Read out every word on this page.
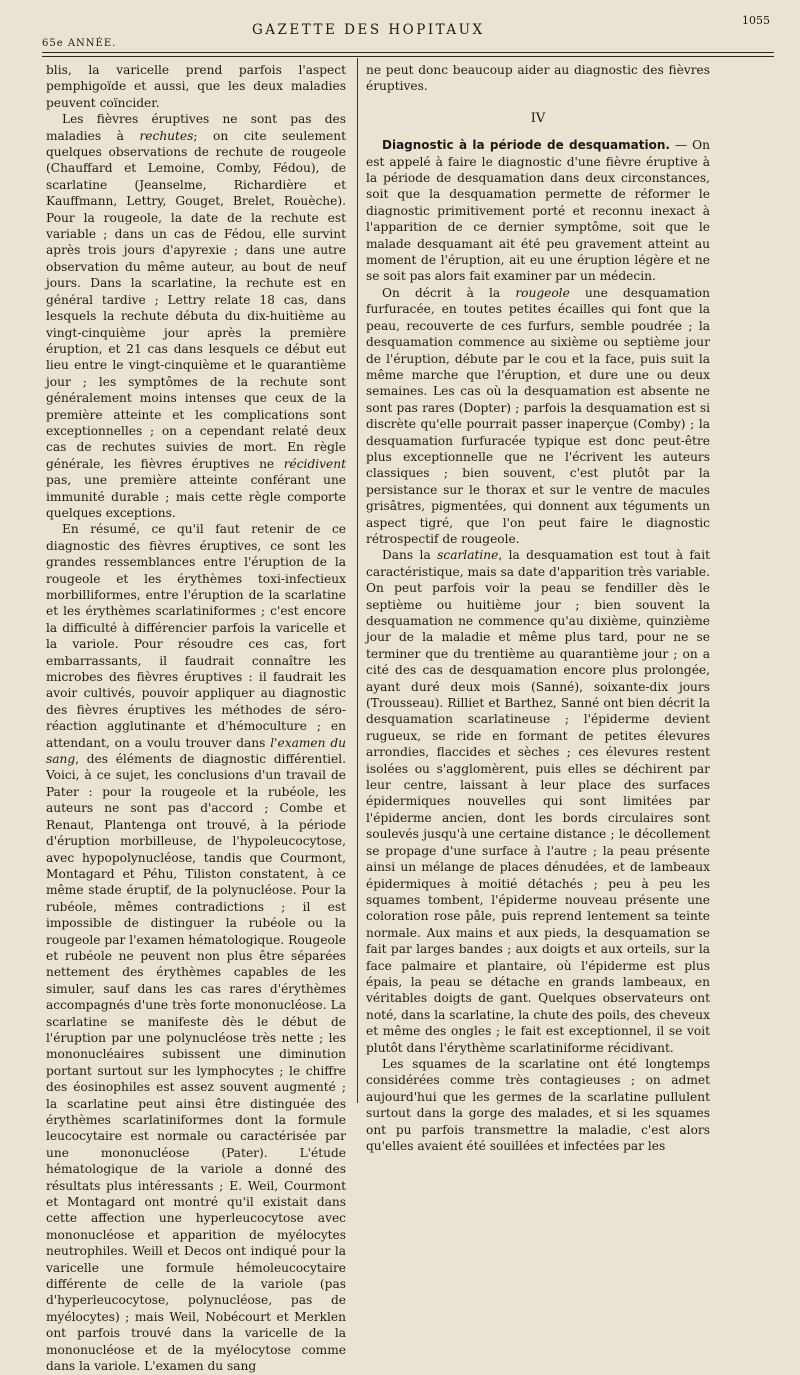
65e ANNÉE.
GAZETTE DES HOPITAUX
1055

blis, la varicelle prend parfois l'aspect pemphigoïde et aussi, que les deux maladies peuvent coïncider.

Les fièvres éruptives ne sont pas des maladies à rechutes; on cite seulement quelques observations de rechute de rougeole (Chauffard et Lemoine, Comby, Fédou), de scarlatine (Jeanselme, Richardière et Kauffmann, Lettry, Gouget, Brelet, Rouèche). Pour la rougeole, la date de la rechute est variable ; dans un cas de Fédou, elle survint après trois jours d'apyrexie ; dans une autre observation du même auteur, au bout de neuf jours. Dans la scarlatine, la rechute est en général tardive ; Lettry relate 18 cas, dans lesquels la rechute débuta du dix-huitième au vingt-cinquième jour après la première éruption, et 21 cas dans lesquels ce début eut lieu entre le vingt-cinquième et le quarantième jour ; les symptômes de la rechute sont généralement moins intenses que ceux de la première atteinte et les complications sont exceptionnelles ; on a cependant relaté deux cas de rechutes suivies de mort. En règle générale, les fièvres éruptives ne récidivent pas, une première atteinte conférant une immunité durable ; mais cette règle comporte quelques exceptions.

En résumé, ce qu'il faut retenir de ce diagnostic des fièvres éruptives, ce sont les grandes ressemblances entre l'éruption de la rougeole et les érythèmes toxi-infectieux morbilliformes, entre l'éruption de la scarlatine et les érythèmes scarlatiniformes ; c'est encore la difficulté à différencier parfois la varicelle et la variole. Pour résoudre ces cas, fort embarrassants, il faudrait connaître les microbes des fièvres éruptives : il faudrait les avoir cultivés, pouvoir appliquer au diagnostic des fièvres éruptives les méthodes de séro-réaction agglutinante et d'hémoculture ; en attendant, on a voulu trouver dans l'examen du sang, des éléments de diagnostic différentiel. Voici, à ce sujet, les conclusions d'un travail de Pater : pour la rougeole et la rubéole, les auteurs ne sont pas d'accord ; Combe et Renaut, Plantenga ont trouvé, à la période d'éruption morbilleuse, de l'hypoleucocytose, avec hypopolynucléose, tandis que Courmont, Montagard et Péhu, Tiliston constatent, à ce même stade éruptif, de la polynucléose. Pour la rubéole, mêmes contradictions ; il est impossible de distinguer la rubéole ou la rougeole par l'examen hématologique. Rougeole et rubéole ne peuvent non plus être séparées nettement des érythèmes capables de les simuler, sauf dans les cas rares d'érythèmes accompagnés d'une très forte mononucléose. La scarlatine se manifeste dès le début de l'éruption par une polynucléose très nette ; les mononucléaires subissent une diminution portant surtout sur les lymphocytes ; le chiffre des éosinophiles est assez souvent augmenté ; la scarlatine peut ainsi être distinguée des érythèmes scarlatiniformes dont la formule leucocytaire est normale ou caractérisée par une mononucléose (Pater). L'étude hématologique de la variole a donné des résultats plus intéressants ; E. Weil, Courmont et Montagard ont montré qu'il existait dans cette affection une hyperleucocytose avec mononucléose et apparition de myélocytes neutrophiles. Weill et Decos ont indiqué pour la varicelle une formule hémoleucocytaire différente de celle de la variole (pas d'hyperleucocytose, polynucléose, pas de myélocytes) ; mais Weil, Nobécourt et Merklen ont parfois trouvé dans la varicelle de la mononucléose et de la myélocytose comme dans la variole. L'examen du sang

ne peut donc beaucoup aider au diagnostic des fièvres éruptives.

IV

Diagnostic à la période de desquamation. — On est appelé à faire le diagnostic d'une fièvre éruptive à la période de desquamation dans deux circonstances, soit que la desquamation permette de réformer le diagnostic primitivement porté et reconnu inexact à l'apparition de ce dernier symptôme, soit que le malade desquamant ait été peu gravement atteint au moment de l'éruption, ait eu une éruption légère et ne se soit pas alors fait examiner par un médecin.

On décrit à la rougeole une desquamation furfuracée, en toutes petites écailles qui font que la peau, recouverte de ces furfurs, semble poudrée ; la desquamation commence au sixième ou septième jour de l'éruption, débute par le cou et la face, puis suit la même marche que l'éruption, et dure une ou deux semaines. Les cas où la desquamation est absente ne sont pas rares (Dopter) ; parfois la desquamation est si discrète qu'elle pourrait passer inaperçue (Comby) ; la desquamation furfuracée typique est donc peut-être plus exceptionnelle que ne l'écrivent les auteurs classiques ; bien souvent, c'est plutôt par la persistance sur le thorax et sur le ventre de macules grisâtres, pigmentées, qui donnent aux téguments un aspect tigré, que l'on peut faire le diagnostic rétrospectif de rougeole.

Dans la scarlatine, la desquamation est tout à fait caractéristique, mais sa date d'apparition très variable. On peut parfois voir la peau se fendiller dès le septième ou huitième jour ; bien souvent la desquamation ne commence qu'au dixième, quinzième jour de la maladie et même plus tard, pour ne se terminer que du trentième au quarantième jour ; on a cité des cas de desquamation encore plus prolongée, ayant duré deux mois (Sanné), soixante-dix jours (Trousseau). Rilliet et Barthez, Sanné ont bien décrit la desquamation scarlatineuse ; l'épiderme devient rugueux, se ride en formant de petites élevures arrondies, flaccides et sèches ; ces élevures restent isolées ou s'agglomèrent, puis elles se déchirent par leur centre, laissant à leur place des surfaces épidermiques nouvelles qui sont limitées par l'épiderme ancien, dont les bords circulaires sont soulevés jusqu'à une certaine distance ; le décollement se propage d'une surface à l'autre ; la peau présente ainsi un mélange de places dénudées, et de lambeaux épidermiques à moitié détachés ; peu à peu les squames tombent, l'épiderme nouveau présente une coloration rose pâle, puis reprend lentement sa teinte normale. Aux mains et aux pieds, la desquamation se fait par larges bandes ; aux doigts et aux orteils, sur la face palmaire et plantaire, où l'épiderme est plus épais, la peau se détache en grands lambeaux, en véritables doigts de gant. Quelques observateurs ont noté, dans la scarlatine, la chute des poils, des cheveux et même des ongles ; le fait est exceptionnel, il se voit plutôt dans l'érythème scarlatiniforme récidivant.

Les squames de la scarlatine ont été longtemps considérées comme très contagieuses ; on admet aujourd'hui que les germes de la scarlatine pullulent surtout dans la gorge des malades, et si les squames ont pu parfois transmettre la maladie, c'est alors qu'elles avaient été souillées et infectées par les
